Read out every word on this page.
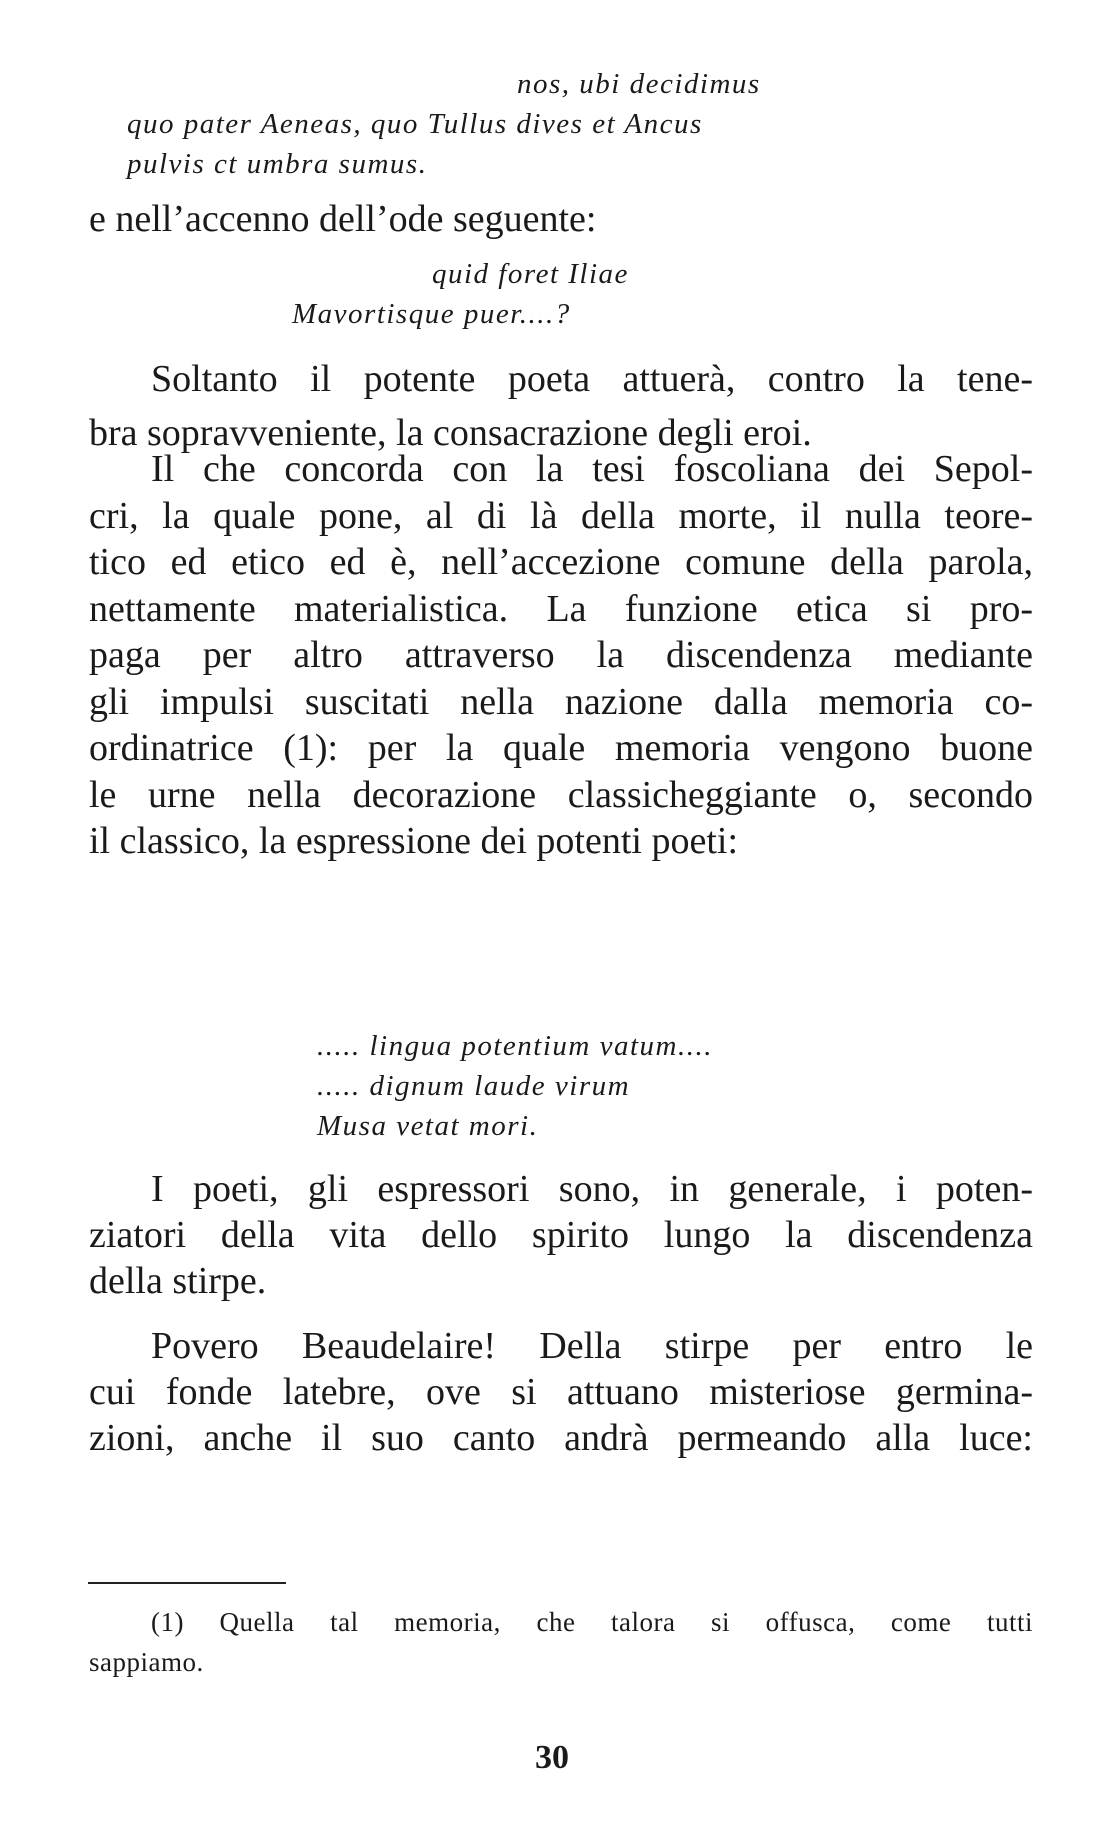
nos, ubi decidimus
quo pater Aeneas, quo Tullus dives et Ancus
pulvis ct umbra sumus.
e nell’accenno dell’ode seguente:
quid foret Iliae
Mavortisque puer....?
Soltanto il potente poeta attuerà, contro la tene-
bra sopravveniente, la consacrazione degli eroi.
Il che concorda con la tesi foscoliana dei Sepol-
cri, la quale pone, al di là della morte, il nulla teore-
tico ed etico ed è, nell’accezione comune della parola,
nettamente materialistica. La funzione etica si pro-
paga per altro attraverso la discendenza mediante
gli impulsi suscitati nella nazione dalla memoria co-
ordinatrice (1): per la quale memoria vengono buone
le urne nella decorazione classicheggiante o, secondo
il classico, la espressione dei potenti poeti:
..... lingua potentium vatum....
..... dignum laude virum
Musa vetat mori.
I poeti, gli espressori sono, in generale, i poten-
ziatori della vita dello spirito lungo la discendenza
della stirpe.
Povero Beaudelaire! Della stirpe per entro le
cui fonde latebre, ove si attuano misteriose germina-
zioni, anche il suo canto andrà permeando alla luce:
(1) Quella tal memoria, che talora si offusca, come tutti
sappiamo.
30
